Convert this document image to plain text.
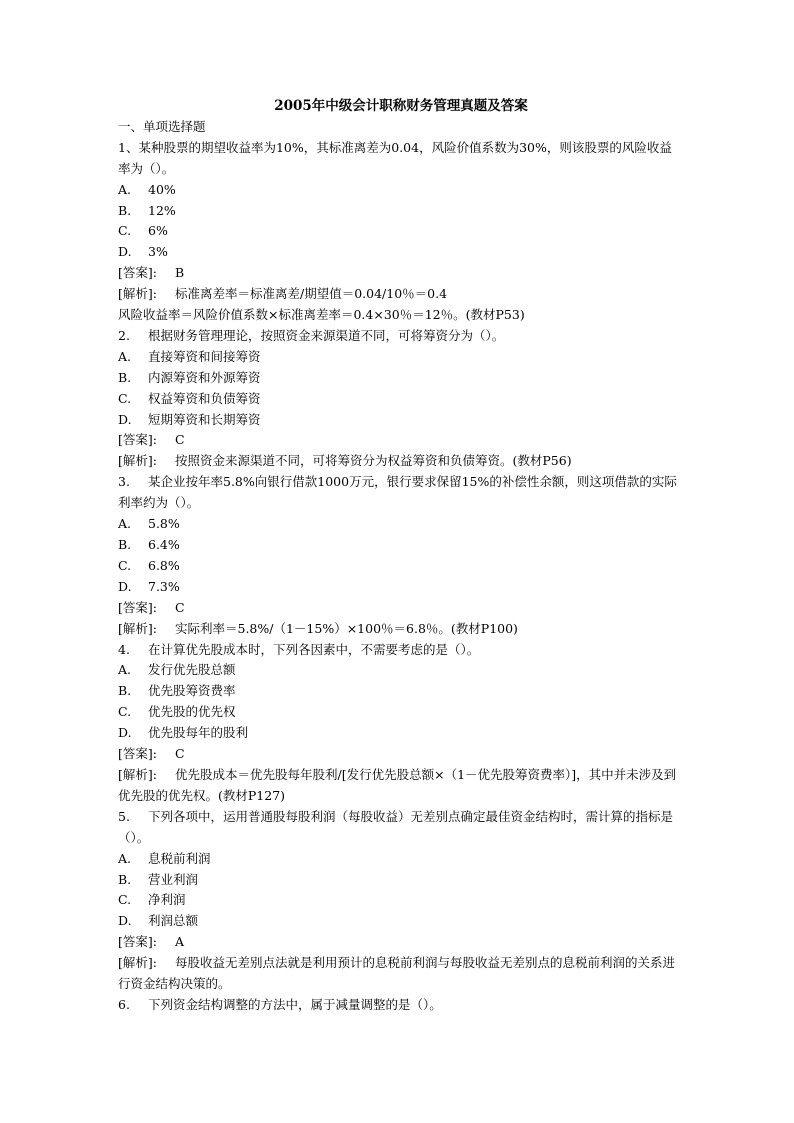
2005年中级会计职称财务管理真题及答案
一、单项选择题
1、某种股票的期望收益率为10%，其标准离差为0.04，风险价值系数为30%，则该股票的风险收益率为（）。
A. 40%
B. 12%
C. 6%
D. 3%
[答案]: B
[解析]: 标准离差率＝标准离差/期望值＝0.04/10％＝0.4
风险收益率＝风险价值系数×标准离差率＝0.4×30％＝12％。(教材P53)
2. 根据财务管理理论，按照资金来源渠道不同，可将筹资分为（）。
A. 直接筹资和间接筹资
B. 内源筹资和外源筹资
C. 权益筹资和负债筹资
D. 短期筹资和长期筹资
[答案]: C
[解析]: 按照资金来源渠道不同，可将筹资分为权益筹资和负债筹资。(教材P56)
3. 某企业按年率5.8%向银行借款1000万元，银行要求保留15%的补偿性余额，则这项借款的实际利率约为（）。
A. 5.8%
B. 6.4%
C. 6.8%
D. 7.3%
[答案]: C
[解析]: 实际利率＝5.8%/（1－15%）×100％＝6.8％。(教材P100)
4. 在计算优先股成本时，下列各因素中，不需要考虑的是（）。
A. 发行优先股总额
B. 优先股筹资费率
C. 优先股的优先权
D. 优先股每年的股利
[答案]: C
[解析]: 优先股成本＝优先股每年股利/[发行优先股总额×（1－优先股筹资费率）]，其中并未涉及到优先股的优先权。(教材P127)
5. 下列各项中，运用普通股每股利润（每股收益）无差别点确定最佳资金结构时，需计算的指标是（）。
A. 息税前利润
B. 营业利润
C. 净利润
D. 利润总额
[答案]: A
[解析]: 每股收益无差别点法就是利用预计的息税前利润与每股收益无差别点的息税前利润的关系进行资金结构决策的。
6. 下列资金结构调整的方法中，属于减量调整的是（）。
